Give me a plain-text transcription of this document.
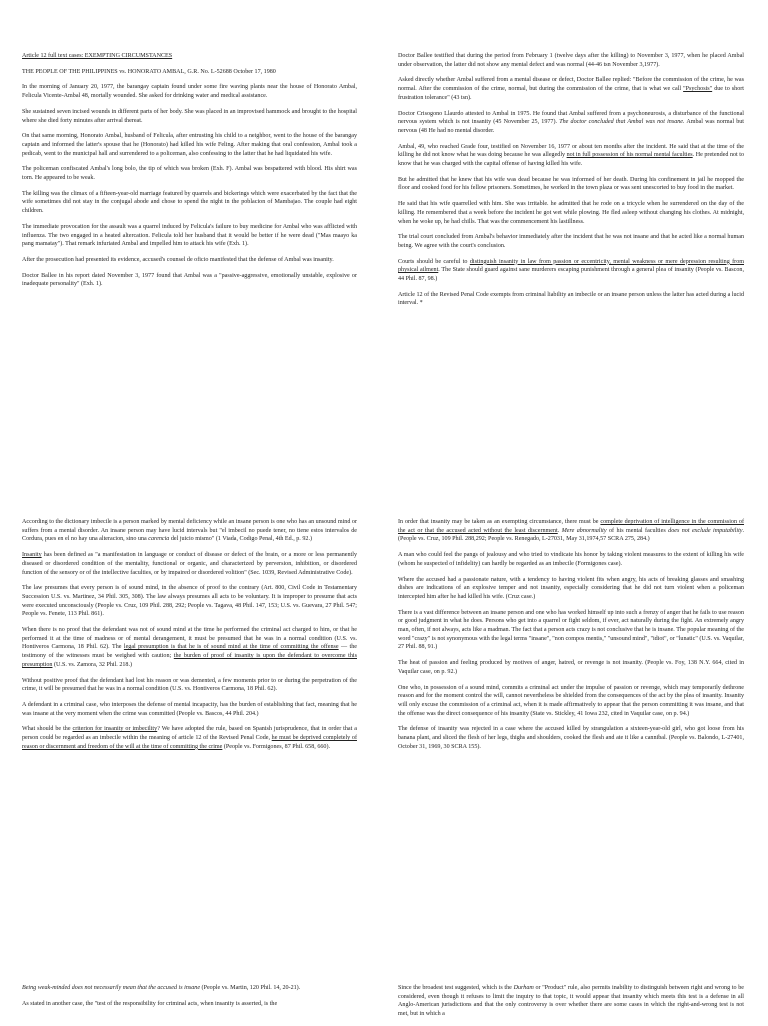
Article 12 full text cases: EXEMPTING CIRCUMSTANCES

THE PEOPLE OF THE PHILIPPINES vs. HONORATO AMBAL, G.R. No. L-52688 October 17, 1980

In the morning of January 20, 1977, the barangay captain found under some fire waving plants near the house of Honorato Ambal, Felicula Vicente-Ambal 48, mortally wounded. She asked for drinking water and medical assistance.

She sustained seven incised wounds in different parts of her body. She was placed in an improvised hammock and brought to the hospital where she died forty minutes after arrival thereat.

On that same morning, Honorato Ambal, husband of Felicula, after entrusting his child to a neighbor, went to the house of the barangay captain and informed the latter's spouse that he (Honorato) had killed his wife Feling. After making that oral confession, Ambal took a pedicab, went to the municipal hall and surrendered to a policeman, also confessing to the latter that he had liquidated his wife.

The policeman confiscated Ambal's long bolo, the tip of which was broken (Exh. F). Ambal was bespattered with blood. His shirt was torn. He appeared to be weak.

The killing was the climax of a fifteen-year-old marriage featured by quarrels and bickerings which were exacerbated by the fact that the wife sometimes did not stay in the conjugal abode and chose to spend the night in the poblacion of Mambajao. The couple had eight children.

The immediate provocation for the assault was a quarrel induced by Felicula's failure to buy medicine for Ambal who was afflicted with influenza. The two engaged in a heated altercation. Felicula told her husband that it would be better if he were dead ("Mas maayo ka pang mamatay"). That remark infuriated Ambal and impelled him to attack his wife (Exh. 1).

After the prosecution had presented its evidence, accused's counsel de oficio manifested that the defense of Ambal was insanity.

Doctor Ballee in his report dated November 3, 1977 found that Ambal was a "passive-aggressive, emotionally unstable, explosive or inadequate personality" (Exh. 1).

Doctor Ballee testified that during the period from February 1 (twelve days after the killing) to November 3, 1977, when he placed Ambal under observation, the latter did not show any mental defect and was normal (44-46 tsn November 3,1977).

Asked directly whether Ambal suffered from a mental disease or defect, Doctor Ballee replied: "Before the commission of the crime, he was normal. After the commission of the crime, normal, but during the commission of the crime, that is what we call "Psychosis" due to short frustration tolerance" (43 tsn).

Doctor Crisogono Llaurdo attested to Ambal in 1975. He found that Ambal suffered from a psychoneurosis, a disturbance of the functional nervous system which is not insanity (45 November 25, 1977). The doctor concluded that Ambal was not insane. Ambal was normal but nervous (48 He had no mental disorder.

Ambal, 49, who reached Grade four, testified on November 16, 1977 or about ten months after the incident. He said that at the time of the killing he did not know what he was doing because he was allegedly not in full possession of his normal mental faculties. He pretended not to know that he was charged with the capital offense of having killed his wife.

But he admitted that he knew that his wife was dead because he was informed of her death. During his confinement in jail he mopped the floor and cooked food for his fellow prisoners. Sometimes, he worked in the town plaza or was sent unescorted to buy food in the market.

He said that his wife quarrelled with him. She was irritable. he admitted that he rode on a tricycle when he surrendered on the day of the killing. He remembered that a week before the incident he got wet while plowing. He fled asleep without changing his clothes. At midnight, when he woke up, he had chills. That was the commencement his lastillness.

The trial court concluded from Ambal's behavior immediately after the incident that he was not insane and that he acted like a normal human being. We agree with the court's conclusion.

Courts should be careful to distinguish insanity in law from passion or eccentricity, mental weakness or mere depression resulting from physical ailment. The State should guard against sane murderers escaping punishment through a general plea of insanity (People vs. Bascon, 44 Phil. 87, 98.)

Article 12 of the Revised Penal Code exempts from criminal liability an imbecile or an insane person unless the latter has acted during a lucid interval. *

According to the dictionary imbecile is a person marked by mental deficiency while an insane person is one who has an unsound mind or suffers from a mental disorder. An insane person may have lucid intervals but "el imbecil no puede tener, no tiene estos intervalos de Cordura, pues en el no hay una alteracion, sino una carencia del juicio mismo" (1 Viada, Codigo Penal, 4th Ed., p. 92.)

Insanity has been defined as "a manifestation in language or conduct of disease or defect of the brain, or a more or less permanently diseased or disordered condition of the mentality, functional or organic, and characterized by perversion, inhibition, or disordered function of the sensory or of the intellective faculties, or by impaired or disordered volition" (Sec. 1039, Revised Administrative Code).

The law presumes that every person is of sound mind, in the absence of proof to the contrary (Art. 800, Civil Code in Testamentary Succession U.S. vs. Martinez, 34 Phil. 305, 308). The law always presumes all acts to be voluntary. It is improper to presume that acts were executed unconsciously (People vs. Cruz, 109 Phil. 288, 292; People vs. Tagava, 48 Phil. 147, 153; U.S. vs. Guevara, 27 Phil. 547; People vs. Fenete, 113 Phil. 861).

When there is no proof that the defendant was not of sound mind at the time he performed the criminal act charged to him, or that he performed it at the time of madness or of mental derangement, it must be presumed that he was in a normal condition (U.S. vs. Hontiveros Carmona, 18 Phil. 62). The legal presumption is that he is of sound mind at the time of committing the offense — the testimony of the witnesses must be weighed with caution; the burden of proof of insanity is upon the defendant to overcome this presumption (U.S. vs. Zamora, 32 Phil. 218.)

Without positive proof that the defendant had lost his reason or was demented, a few moments prior to or during the perpetration of the crime, it will be presumed that he was in a normal condition (U.S. vs. Hontiveros Carmona, 18 Phil. 62).

A defendant in a criminal case, who interposes the defense of mental incapacity, has the burden of establishing that fact, meaning that he was insane at the very moment when the crime was committed (People vs. Bascos, 44 Phil. 204.)

What should be the criterion for insanity or imbecility? We have adopted the rule, based on Spanish jurisprudence, that in order that a person could be regarded as an imbecile within the meaning of article 12 of the Revised Penal Code, he must be deprived completely of reason or discernment and freedom of the will at the time of committing the crime (People vs. Formigones, 87 Phil. 658, 660).

In order that insanity may be taken as an exempting circumstance, there must be complete deprivation of intelligence in the commission of the act or that the accused acted without the least discernment. Mere abnormality of his mental faculties does not exclude imputability. (People vs. Cruz, 109 Phil. 288,292; People vs. Renegado, L-27031, May 31,1974,57 SCRA 275, 284.)

A man who could feel the pangs of jealousy and who tried to vindicate his honor by taking violent measures to the extent of killing his wife (whom he suspected of infidelity) can hardly be regarded as an imbecile (Formigones case).

Where the accused had a passionate nature, with a tendency to having violent fits when angry, his acts of breaking glasses and smashing dishes are indications of an explosive temper and not insanity, especially considering that he did not turn violent when a policeman intercepted him after he had killed his wife. (Cruz case.)

There is a vast difference between an insane person and one who has worked himself up into such a frenzy of anger that he fails to use reason or good judgment in what he does. Persons who get into a quarrel or fight seldom, if ever, act naturally during the fight. An extremely angry man, often, if not always, acts like a madman. The fact that a person acts crazy is not conclusive that he is insane. The popular meaning of the word "crazy" is not synonymous with the legal terms "insane", "non compos mentis," "unsound mind", "idiot", or "lunatic" (U.S. vs. Vaquilar, 27 Phil. 88, 91.)

The heat of passion and feeling produced by motives of anger, hatred, or revenge is not insanity. (People vs. Foy, 138 N.Y. 664, cited in Vaquilar case, on p. 92.)

One who, in possession of a sound mind, commits a criminal act under the impulse of passion or revenge, which may temporarily dethrone reason and for the moment control the will, cannot nevertheless be shielded from the consequences of the act by the plea of insanity. Insanity will only excuse the commission of a criminal act, when it is made affirmatively to appear that the person committing it was insane, and that the offense was the direct consequence of his insanity (State vs. Stickley, 41 Iowa 232, cited in Vaquilar case, on p. 94.)

The defense of insanity was rejected in a case where the accused killed by strangulation a sixteen-year-old girl, who got loose from his banana plant, and sliced the flesh of her legs, thighs and shoulders, cooked the flesh and ate it like a cannibal. (People vs. Balondo, L-27401, October 31, 1969, 30 SCRA 155).

Being weak-minded does not necessarily mean that the accused is insane (People vs. Martin, 120 Phil. 14, 20-21).

As stated in another case, the "test of the responsibility for criminal acts, when insanity is asserted, is the

Since the broadest test suggested, which is the Durham or "Product" rule, also permits inability to distinguish between right and wrong to be considered, even though it refuses to limit the inquiry to that topic, it would appear that insanity which meets this test is a defense in all Anglo-American jurisdictions and that the only controversy is over whether there are some cases in which the right-and-wrong test is not met, but in which a
